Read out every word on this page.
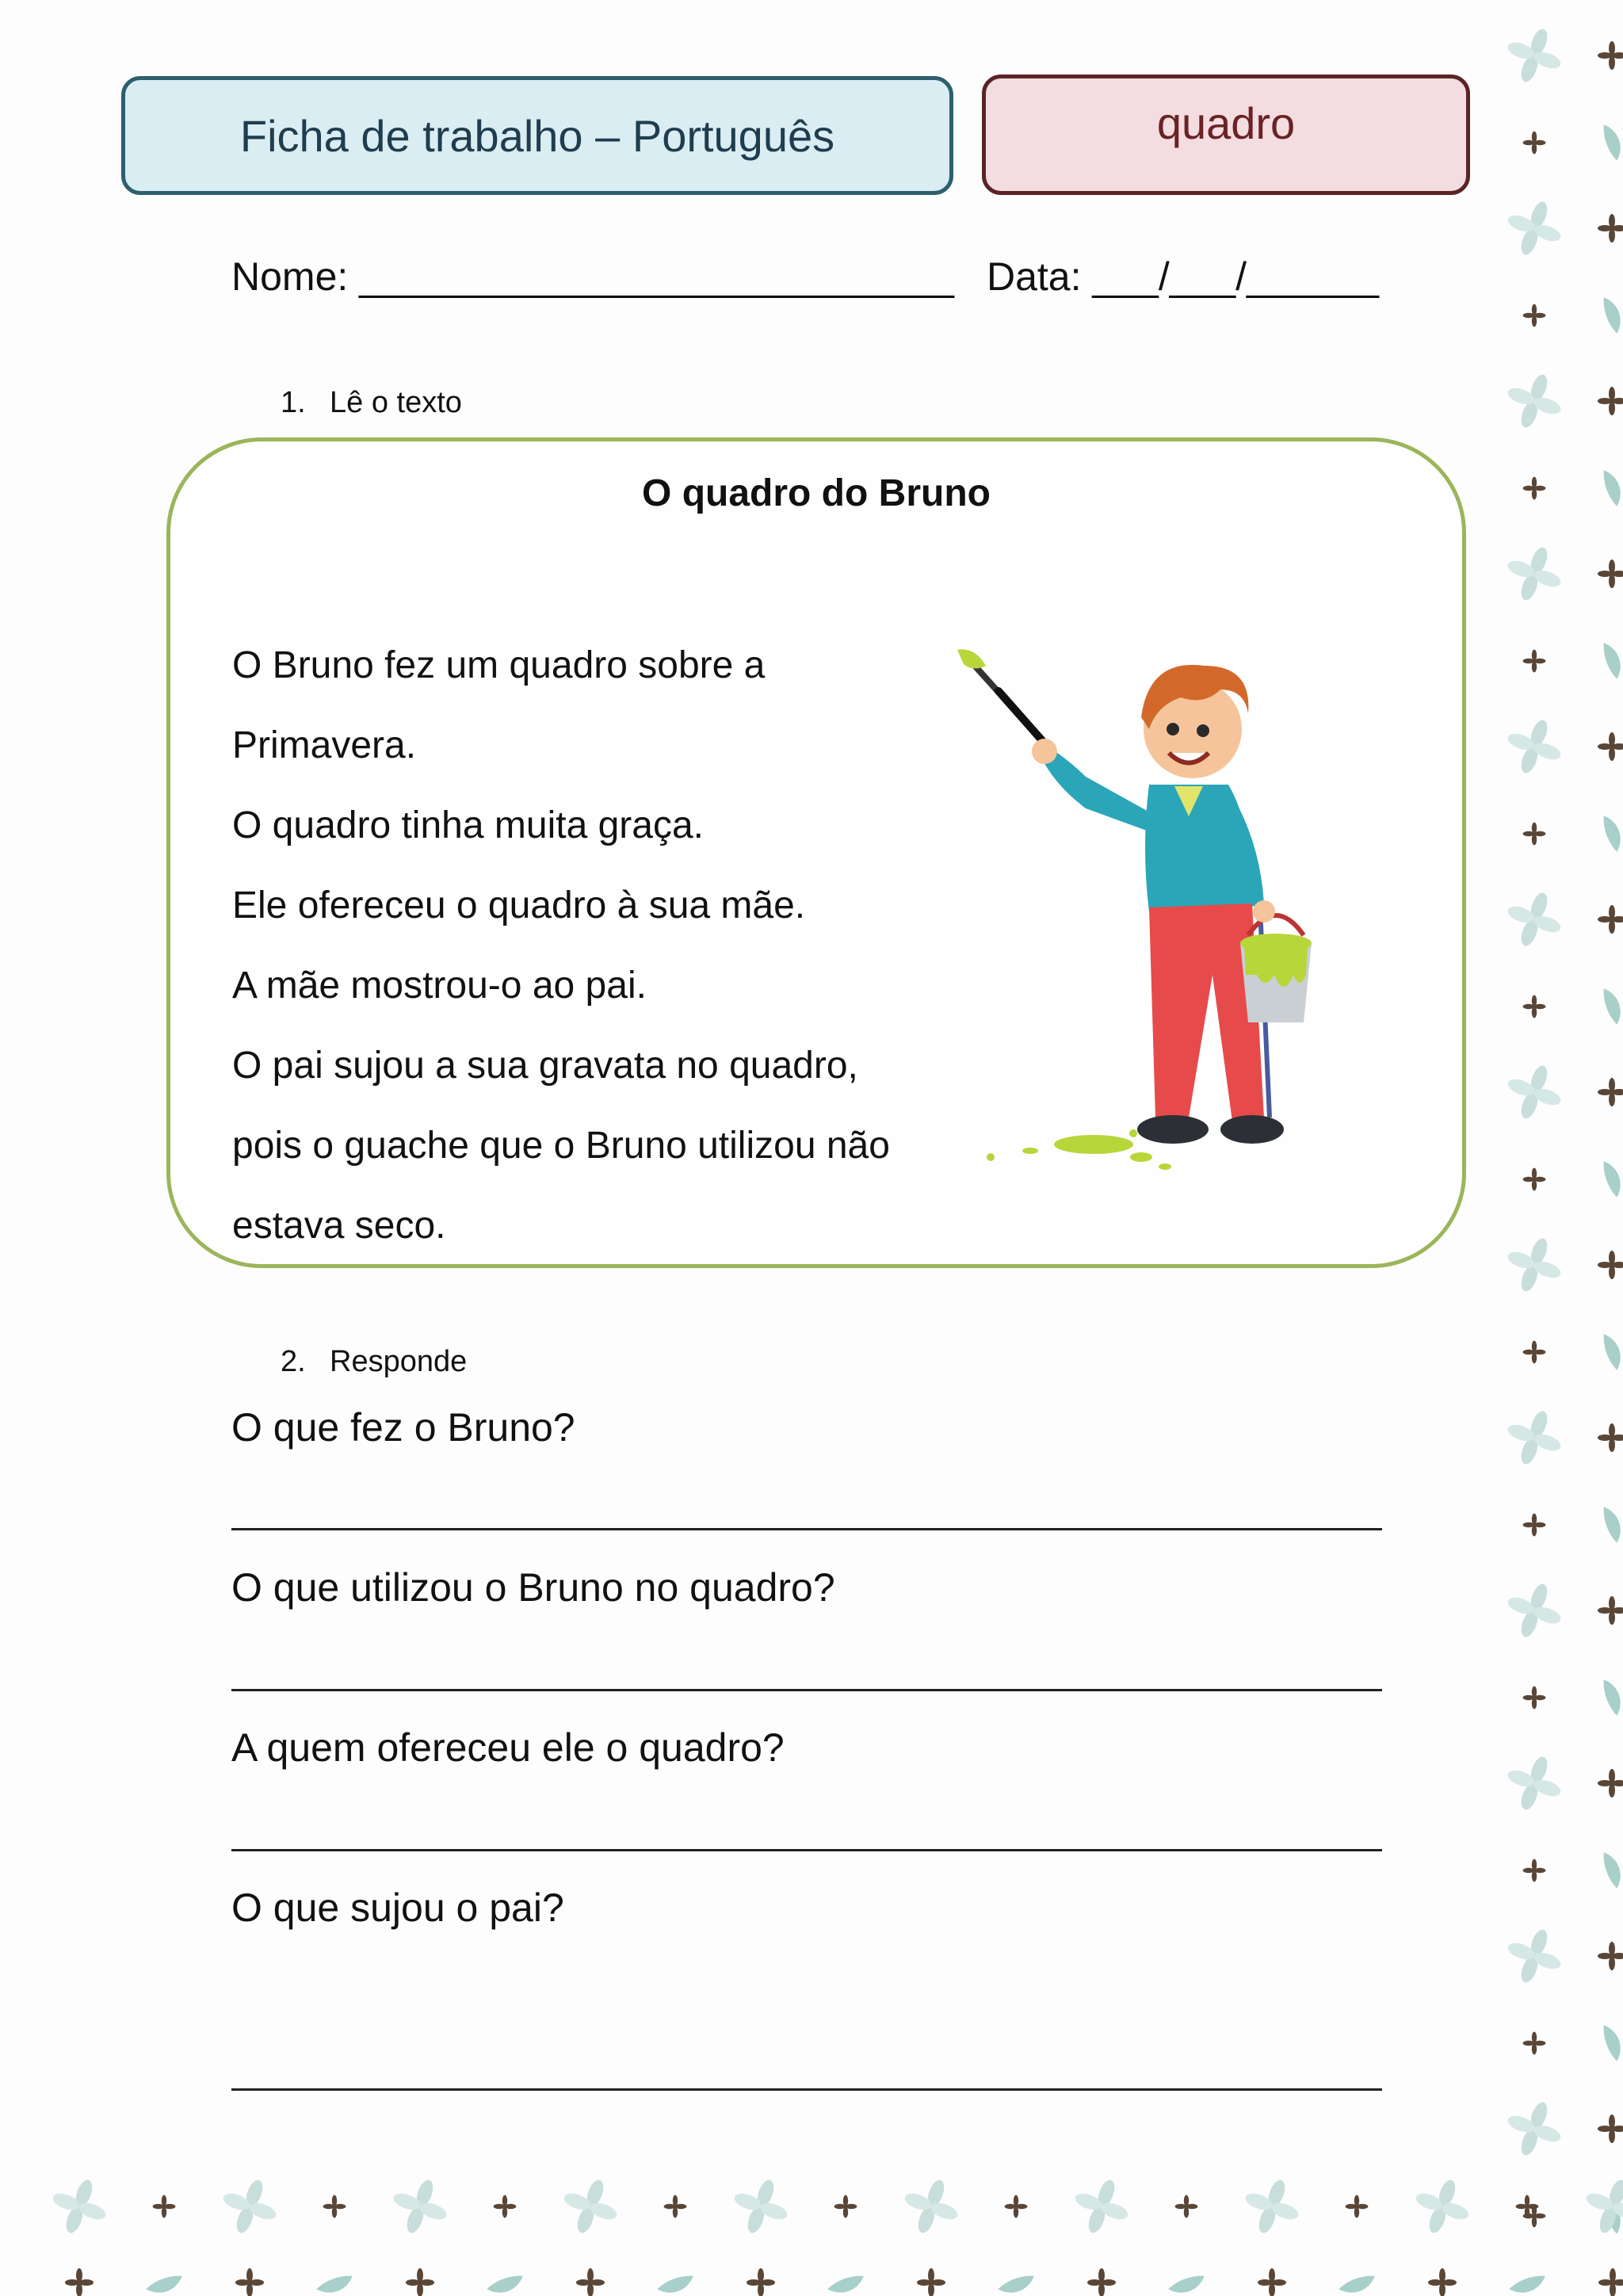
Ficha de trabalho – Português	quadro
Nome: ___________________________ Data: ___/___/______
1. Lê o texto
O quadro do Bruno
O Bruno fez um quadro sobre a
Primavera.
O quadro tinha muita graça.
Ele ofereceu o quadro à sua mãe.
A mãe mostrou-o ao pai.
O pai sujou a sua gravata no quadro,
pois o guache que o Bruno utilizou não
estava seco.
2. Responde
O que fez o Bruno?
O que utilizou o Bruno no quadro?
A quem ofereceu ele o quadro?
O que sujou o pai?
